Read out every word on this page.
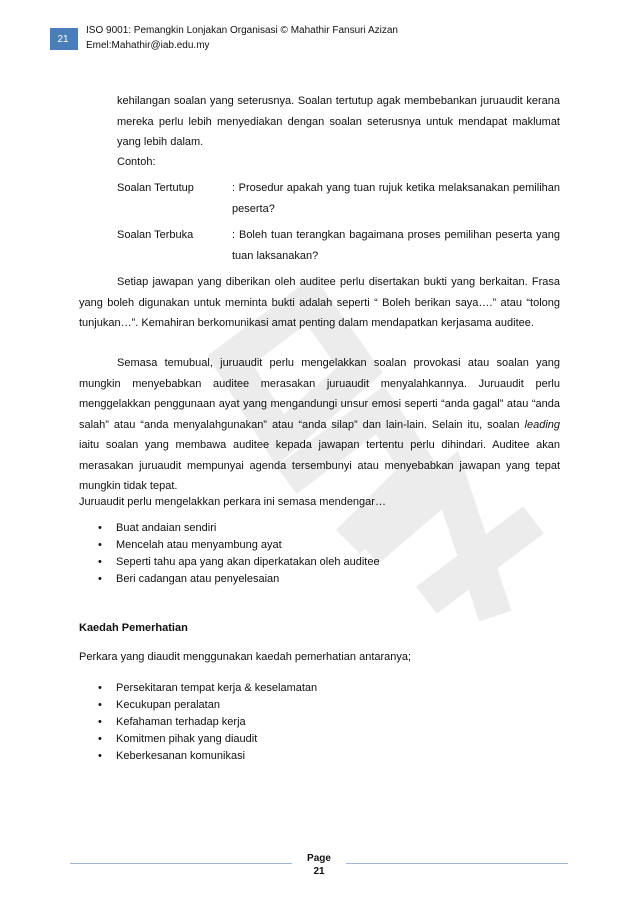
21
ISO 9001: Pemangkin Lonjakan Organisasi © Mahathir Fansuri Azizan
Emel:Mahathir@iab.edu.my
kehilangan soalan yang seterusnya. Soalan tertutup agak membebankan juruaudit kerana mereka perlu lebih menyediakan dengan soalan seterusnya untuk mendapat maklumat yang lebih dalam.
Contoh:
Soalan Tertutup	: Prosedur apakah yang tuan rujuk ketika melaksanakan pemilihan peserta?
Soalan Terbuka	: Boleh tuan terangkan bagaimana proses pemilihan peserta yang tuan laksanakan?
Setiap jawapan yang diberikan oleh auditee perlu disertakan bukti yang berkaitan. Frasa yang boleh digunakan untuk meminta bukti adalah seperti “ Boleh berikan saya….” atau “tolong tunjukan…”. Kemahiran berkomunikasi amat penting dalam mendapatkan kerjasama auditee.
Semasa temubual, juruaudit perlu mengelakkan soalan provokasi atau soalan yang mungkin menyebabkan auditee merasakan juruaudit menyalahkannya. Juruaudit perlu menggelakkan penggunaan ayat yang mengandungi unsur emosi seperti “anda gagal” atau “anda salah” atau “anda menyalahgunakan” atau “anda silap” dan lain-lain. Selain itu, soalan leading iaitu soalan yang membawa auditee kepada jawapan tertentu perlu dihindari. Auditee akan merasakan juruaudit mempunyai agenda tersembunyi atau menyebabkan jawapan yang tepat mungkin tidak tepat.
Juruaudit perlu mengelakkan perkara ini semasa mendengar…
• Buat andaian sendiri
• Mencelah atau menyambung ayat
• Seperti tahu apa yang akan diperkatakan oleh auditee
• Beri cadangan atau penyelesaian
Kaedah Pemerhatian
Perkara yang diaudit menggunakan kaedah pemerhatian antaranya;
• Persekitaran tempat kerja & keselamatan
• Kecukupan peralatan
• Kefahaman terhadap kerja
• Komitmen pihak yang diaudit
• Keberkesanan komunikasi
Page
21
